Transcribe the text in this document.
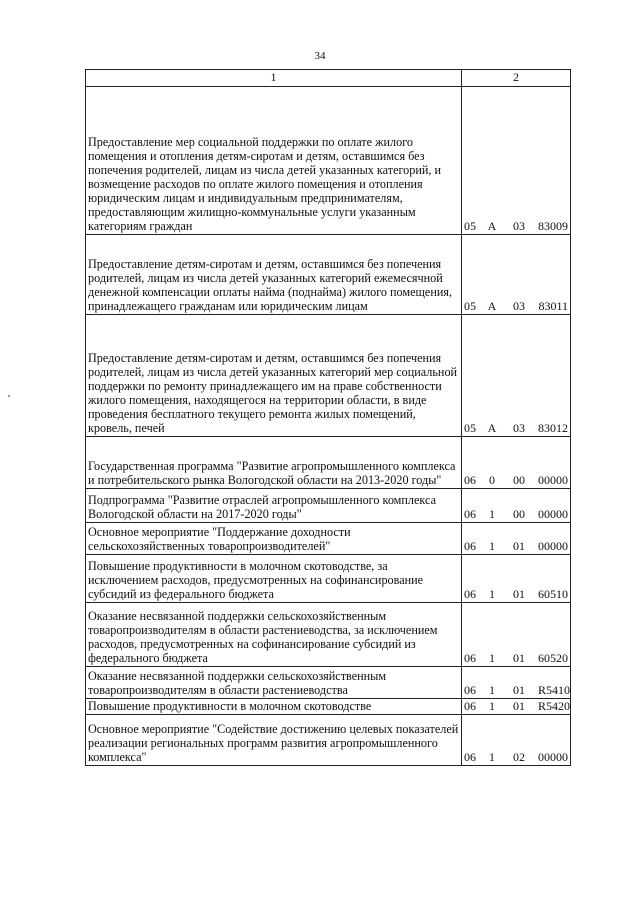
34
1	2
Предоставление мер социальной поддержки по оплате жилого помещения и отопления детям-сиротам и детям, оставшимся без попечения родителей, лицам из числа детей указанных категорий, и возмещение расходов по оплате жилого помещения и отопления юридическим лицам и индивидуальным предпринимателям, предоставляющим жилищно-коммунальные услуги указанным категориям граждан	05 А 03 83009
Предоставление детям-сиротам и детям, оставшимся без попечения родителей, лицам из числа детей указанных категорий ежемесячной денежной компенсации оплаты найма (поднайма) жилого помещения, принадлежащего гражданам или юридическим лицам	05 А 03 83011
Предоставление детям-сиротам и детям, оставшимся без попечения родителей, лицам из числа детей указанных категорий мер социальной поддержки по ремонту принадлежащего им на праве собственности жилого помещения, находящегося на территории области, в виде проведения бесплатного текущего ремонта жилых помещений, кровель, печей	05 А 03 83012
Государственная программа "Развитие агропромышленного комплекса и потребительского рынка Вологодской области на 2013-2020 годы"	06 0 00 00000
Подпрограмма "Развитие отраслей агропромышленного комплекса Вологодской области на 2017-2020 годы"	06 1 00 00000
Основное мероприятие "Поддержание доходности сельскохозяйственных товаропроизводителей"	06 1 01 00000
Повышение продуктивности в молочном скотоводстве, за исключением расходов, предусмотренных на софинансирование субсидий из федерального бюджета	06 1 01 60510
Оказание несвязанной поддержки сельскохозяйственным товаропроизводителям в области растениеводства, за исключением расходов, предусмотренных на софинансирование субсидий из федерального бюджета	06 1 01 60520
Оказание несвязанной поддержки сельскохозяйственным товаропроизводителям в области растениеводства	06 1 01 R5410
Повышение продуктивности в молочном скотоводстве	06 1 01 R5420
Основное мероприятие "Содействие достижению целевых показателей реализации региональных программ развития агропромышленного комплекса"	06 1 02 00000
